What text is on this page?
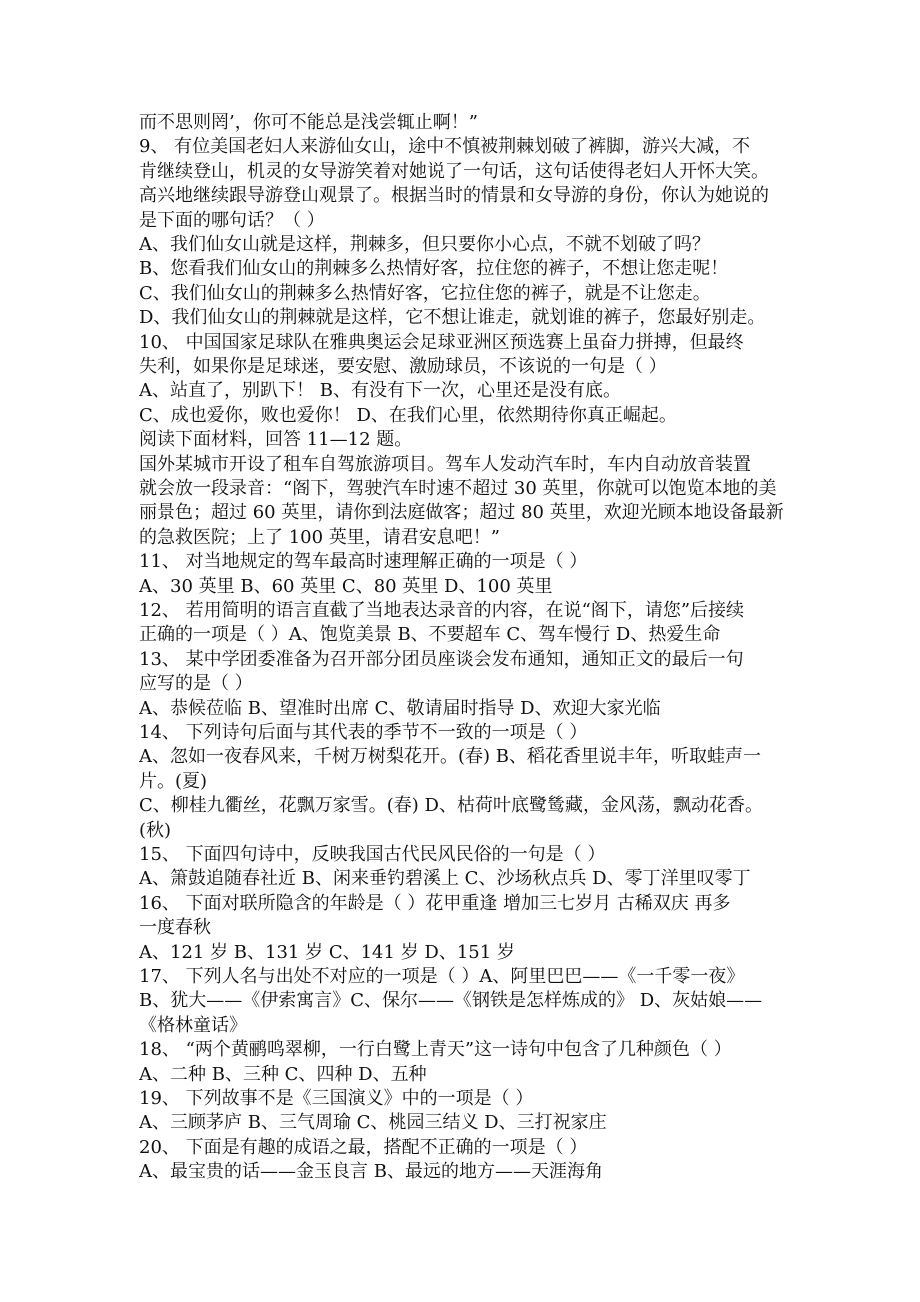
而不思则罔’，你可不能总是浅尝辄止啊！”
9、 有位美国老妇人来游仙女山，途中不慎被荆棘划破了裤脚，游兴大减，不
肯继续登山，机灵的女导游笑着对她说了一句话，这句话使得老妇人开怀大笑。
高兴地继续跟导游登山观景了。根据当时的情景和女导游的身份，你认为她说的
是下面的哪句话？（ ）
A、我们仙女山就是这样，荆棘多，但只要你小心点，不就不划破了吗？
B、您看我们仙女山的荆棘多么热情好客，拉住您的裤子，不想让您走呢！
C、我们仙女山的荆棘多么热情好客，它拉住您的裤子，就是不让您走。
D、我们仙女山的荆棘就是这样，它不想让谁走，就划谁的裤子，您最好别走。
10、 中国国家足球队在雅典奥运会足球亚洲区预选赛上虽奋力拼搏，但最终
失利，如果你是足球迷，要安慰、激励球员，不该说的一句是（ ）
A、站直了，别趴下！ B、有没有下一次，心里还是没有底。
C、成也爱你，败也爱你！ D、在我们心里，依然期待你真正崛起。
阅读下面材料，回答 11—12 题。
国外某城市开设了租车自驾旅游项目。驾车人发动汽车时，车内自动放音装置
就会放一段录音：“阁下，驾驶汽车时速不超过 30 英里，你就可以饱览本地的美
丽景色；超过 60 英里，请你到法庭做客；超过 80 英里，欢迎光顾本地设备最新
的急救医院；上了 100 英里，请君安息吧！”
11、 对当地规定的驾车最高时速理解正确的一项是（ ）
A、30 英里 B、60 英里 C、80 英里 D、100 英里
12、 若用简明的语言直截了当地表达录音的内容，在说“阁下，请您”后接续
正确的一项是（ ）A、饱览美景 B、不要超车 C、驾车慢行 D、热爱生命
13、 某中学团委准备为召开部分团员座谈会发布通知，通知正文的最后一句
应写的是（ ）
A、恭候莅临 B、望准时出席 C、敬请届时指导 D、欢迎大家光临
14、 下列诗句后面与其代表的季节不一致的一项是（ ）
A、忽如一夜春风来，千树万树梨花开。(春) B、稻花香里说丰年，听取蛙声一
片。(夏)
C、柳桂九衢丝，花飘万家雪。(春) D、枯荷叶底鹭鸶藏，金风荡，飘动花香。
(秋)
15、 下面四句诗中，反映我国古代民风民俗的一句是（ ）
A、箫鼓追随春社近 B、闲来垂钓碧溪上 C、沙场秋点兵 D、零丁洋里叹零丁
16、 下面对联所隐含的年龄是（ ）花甲重逢 增加三七岁月 古稀双庆 再多
一度春秋
A、121 岁 B、131 岁 C、141 岁 D、151 岁
17、 下列人名与出处不对应的一项是（ ）A、阿里巴巴——《一千零一夜》
B、犹大——《伊索寓言》C、保尔——《钢铁是怎样炼成的》 D、灰姑娘——
《格林童话》
18、 “两个黄鹂鸣翠柳，一行白鹭上青天”这一诗句中包含了几种颜色（ ）
A、二种 B、三种 C、四种 D、五种
19、 下列故事不是《三国演义》中的一项是（ ）
A、三顾茅庐 B、三气周瑜 C、桃园三结义 D、三打祝家庄
20、 下面是有趣的成语之最，搭配不正确的一项是（ ）
A、最宝贵的话——金玉良言 B、最远的地方——天涯海角
